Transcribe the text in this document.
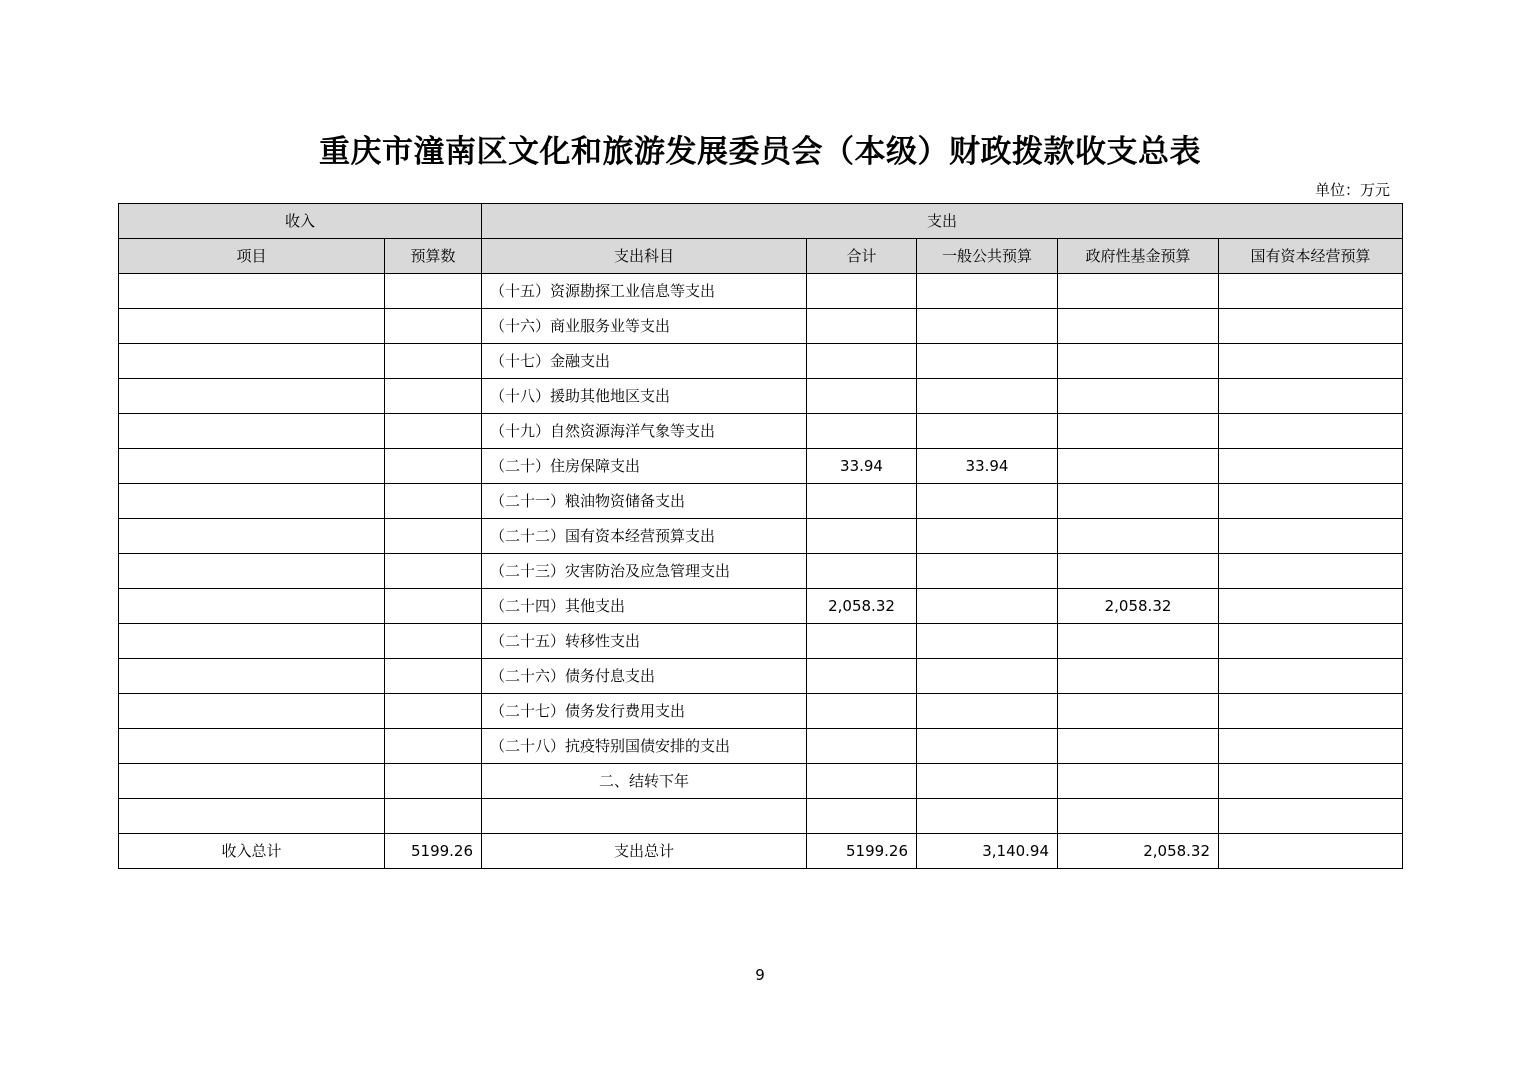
重庆市潼南区文化和旅游发展委员会（本级）财政拨款收支总表
单位：万元
收入		支出				
项目	预算数	支出科目	合计	一般公共预算	政府性基金预算	国有资本经营预算
		（十五）资源勘探工业信息等支出				
		（十六）商业服务业等支出				
		（十七）金融支出				
		（十八）援助其他地区支出				
		（十九）自然资源海洋气象等支出				
		（二十）住房保障支出	33.94	33.94		
		（二十一）粮油物资储备支出				
		（二十二）国有资本经营预算支出				
		（二十三）灾害防治及应急管理支出				
		（二十四）其他支出	2,058.32		2,058.32	
		（二十五）转移性支出				
		（二十六）债务付息支出				
		（二十七）债务发行费用支出				
		（二十八）抗疫特别国债安排的支出				
		二、结转下年				

收入总计	5199.26	支出总计	5199.26	3,140.94	2,058.32	
9
